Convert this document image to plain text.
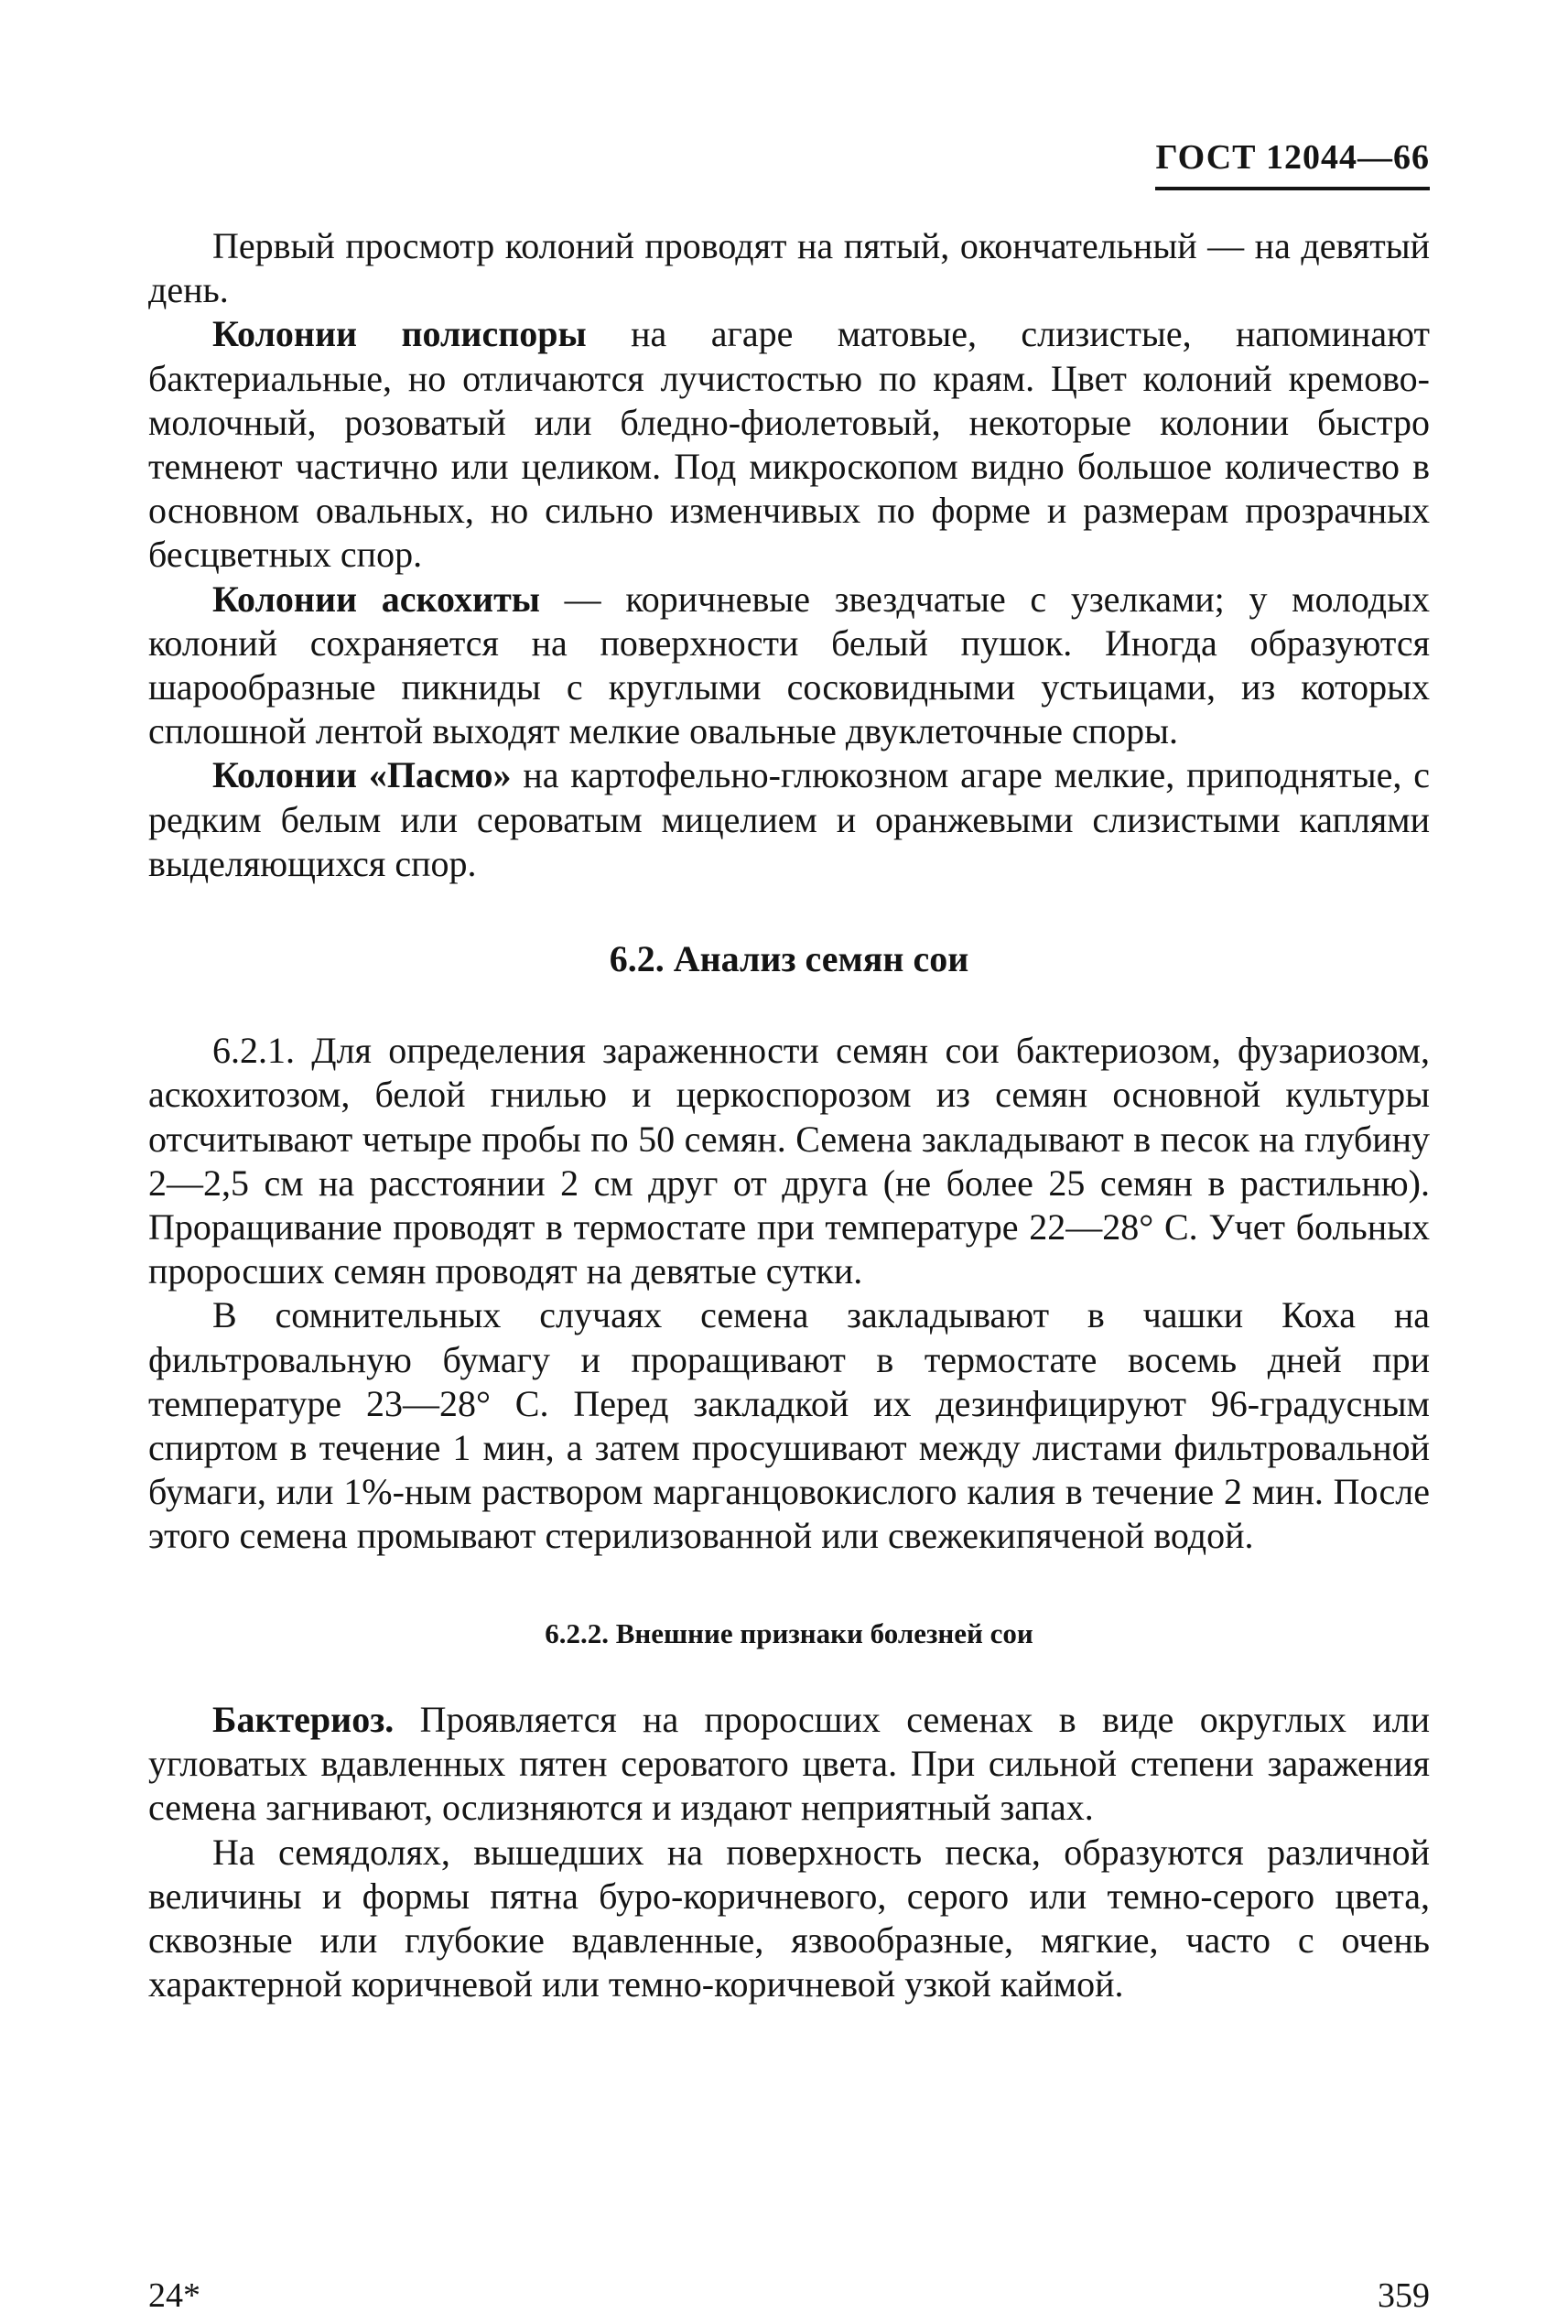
ГОСТ 12044—66

Первый просмотр колоний проводят на пятый, окончательный — на девятый день.

Колонии полиспоры на агаре матовые, слизистые, напоминают бактериальные, но отличаются лучистостью по краям. Цвет колоний кремово-молочный, розоватый или бледно-фиолетовый, некоторые колонии быстро темнеют частично или целиком. Под микроскопом видно большое количество в основном овальных, но сильно изменчивых по форме и размерам прозрачных бесцветных спор.

Колонии аскохиты — коричневые звездчатые с узелками; у молодых колоний сохраняется на поверхности белый пушок. Иногда образуются шарообразные пикниды с круглыми сосковидными устьицами, из которых сплошной лентой выходят мелкие овальные двуклеточные споры.

Колонии «Пасмо» на картофельно-глюкозном агаре мелкие, приподнятые, с редким белым или сероватым мицелием и оранжевыми слизистыми каплями выделяющихся спор.

6.2. Анализ семян сои

6.2.1. Для определения зараженности семян сои бактериозом, фузариозом, аскохитозом, белой гнилью и церкоспорозом из семян основной культуры отсчитывают четыре пробы по 50 семян. Семена закладывают в песок на глубину 2—2,5 см на расстоянии 2 см друг от друга (не более 25 семян в растильню). Проращивание проводят в термостате при температуре 22—28° С. Учет больных проросших семян проводят на девятые сутки.

В сомнительных случаях семена закладывают в чашки Коха на фильтровальную бумагу и проращивают в термостате восемь дней при температуре 23—28° С. Перед закладкой их дезинфицируют 96-градусным спиртом в течение 1 мин, а затем просушивают между листами фильтровальной бумаги, или 1%-ным раствором марганцовокислого калия в течение 2 мин. После этого семена промывают стерилизованной или свежекипяченой водой.

6.2.2. Внешние признаки болезней сои

Бактериоз. Проявляется на проросших семенах в виде округлых или угловатых вдавленных пятен сероватого цвета. При сильной степени заражения семена загнивают, ослизняются и издают неприятный запах.

На семядолях, вышедших на поверхность песка, образуются различной величины и формы пятна буро-коричневого, серого или темно-серого цвета, сквозные или глубокие вдавленные, язвообразные, мягкие, часто с очень характерной коричневой или темно-коричневой узкой каймой.

24*	359
